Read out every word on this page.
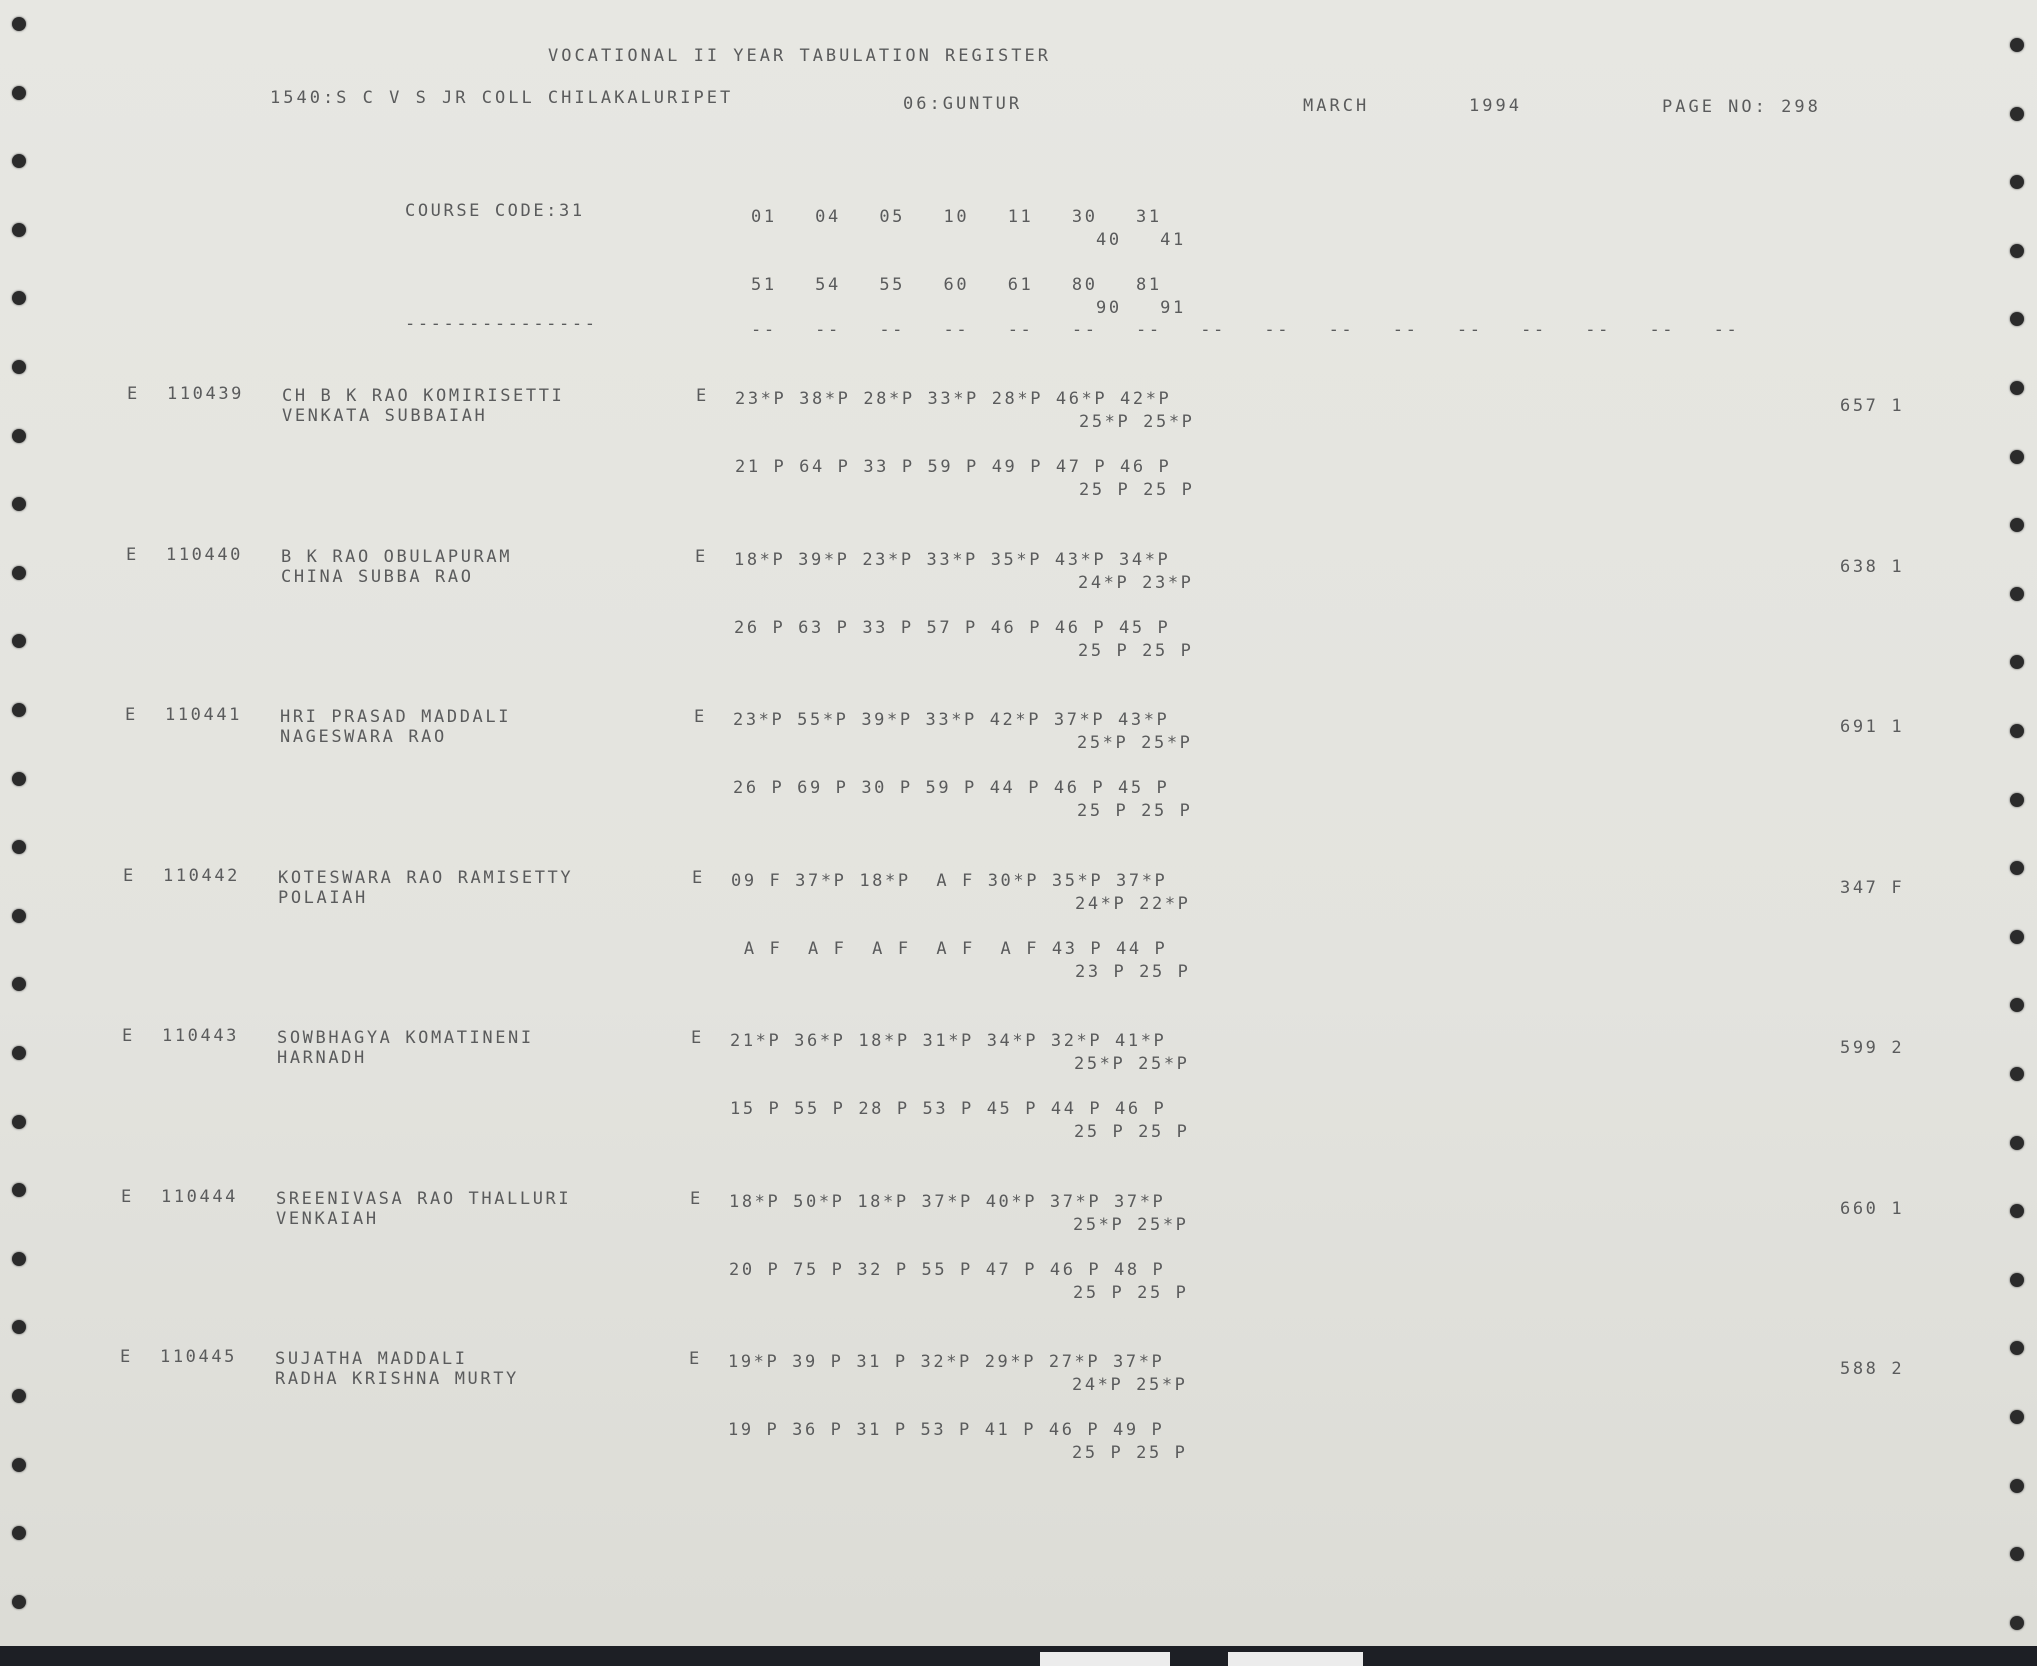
VOCATIONAL II YEAR TABULATION REGISTER
1540:S C V S JR COLL CHILAKALURIPET	06:GUNTUR	MARCH	1994	PAGE NO: 298
COURSE CODE:31	01   04   05   10   11   30   31
40   41
51   54   55   60   61   80   81
90   91
---------------	--   --   --   --   --   --   --   --   --   --   --   --   --   --   --   --
E 110439 CH B K RAO KOMIRISETTI
VENKATA SUBBAIAH
E 23*P 38*P 28*P 33*P 28*P 46*P 42*P
25*P 25*P
21 P 64 P 33 P 59 P 49 P 47 P 46 P
25 P 25 P
657 1
E 110440 B K RAO OBULAPURAM
CHINA SUBBA RAO
E 18*P 39*P 23*P 33*P 35*P 43*P 34*P
24*P 23*P
26 P 63 P 33 P 57 P 46 P 46 P 45 P
25 P 25 P
638 1
E 110441 HRI PRASAD MADDALI
NAGESWARA RAO
E 23*P 55*P 39*P 33*P 42*P 37*P 43*P
25*P 25*P
26 P 69 P 30 P 59 P 44 P 46 P 45 P
25 P 25 P
691 1
E 110442 KOTESWARA RAO RAMISETTY
POLAIAH
E 09 F 37*P 18*P  A F 30*P 35*P 37*P
24*P 22*P
A F  A F  A F  A F  A F 43 P 44 P
23 P 25 P
347 F
E 110443 SOWBHAGYA KOMATINENI
HARNADH
E 21*P 36*P 18*P 31*P 34*P 32*P 41*P
25*P 25*P
15 P 55 P 28 P 53 P 45 P 44 P 46 P
25 P 25 P
599 2
E 110444 SREENIVASA RAO THALLURI
VENKAIAH
E 18*P 50*P 18*P 37*P 40*P 37*P 37*P
25*P 25*P
20 P 75 P 32 P 55 P 47 P 46 P 48 P
25 P 25 P
660 1
E 110445 SUJATHA MADDALI
RADHA KRISHNA MURTY
E 19*P 39 P 31 P 32*P 29*P 27*P 37*P
24*P 25*P
19 P 36 P 31 P 53 P 41 P 46 P 49 P
25 P 25 P
588 2
